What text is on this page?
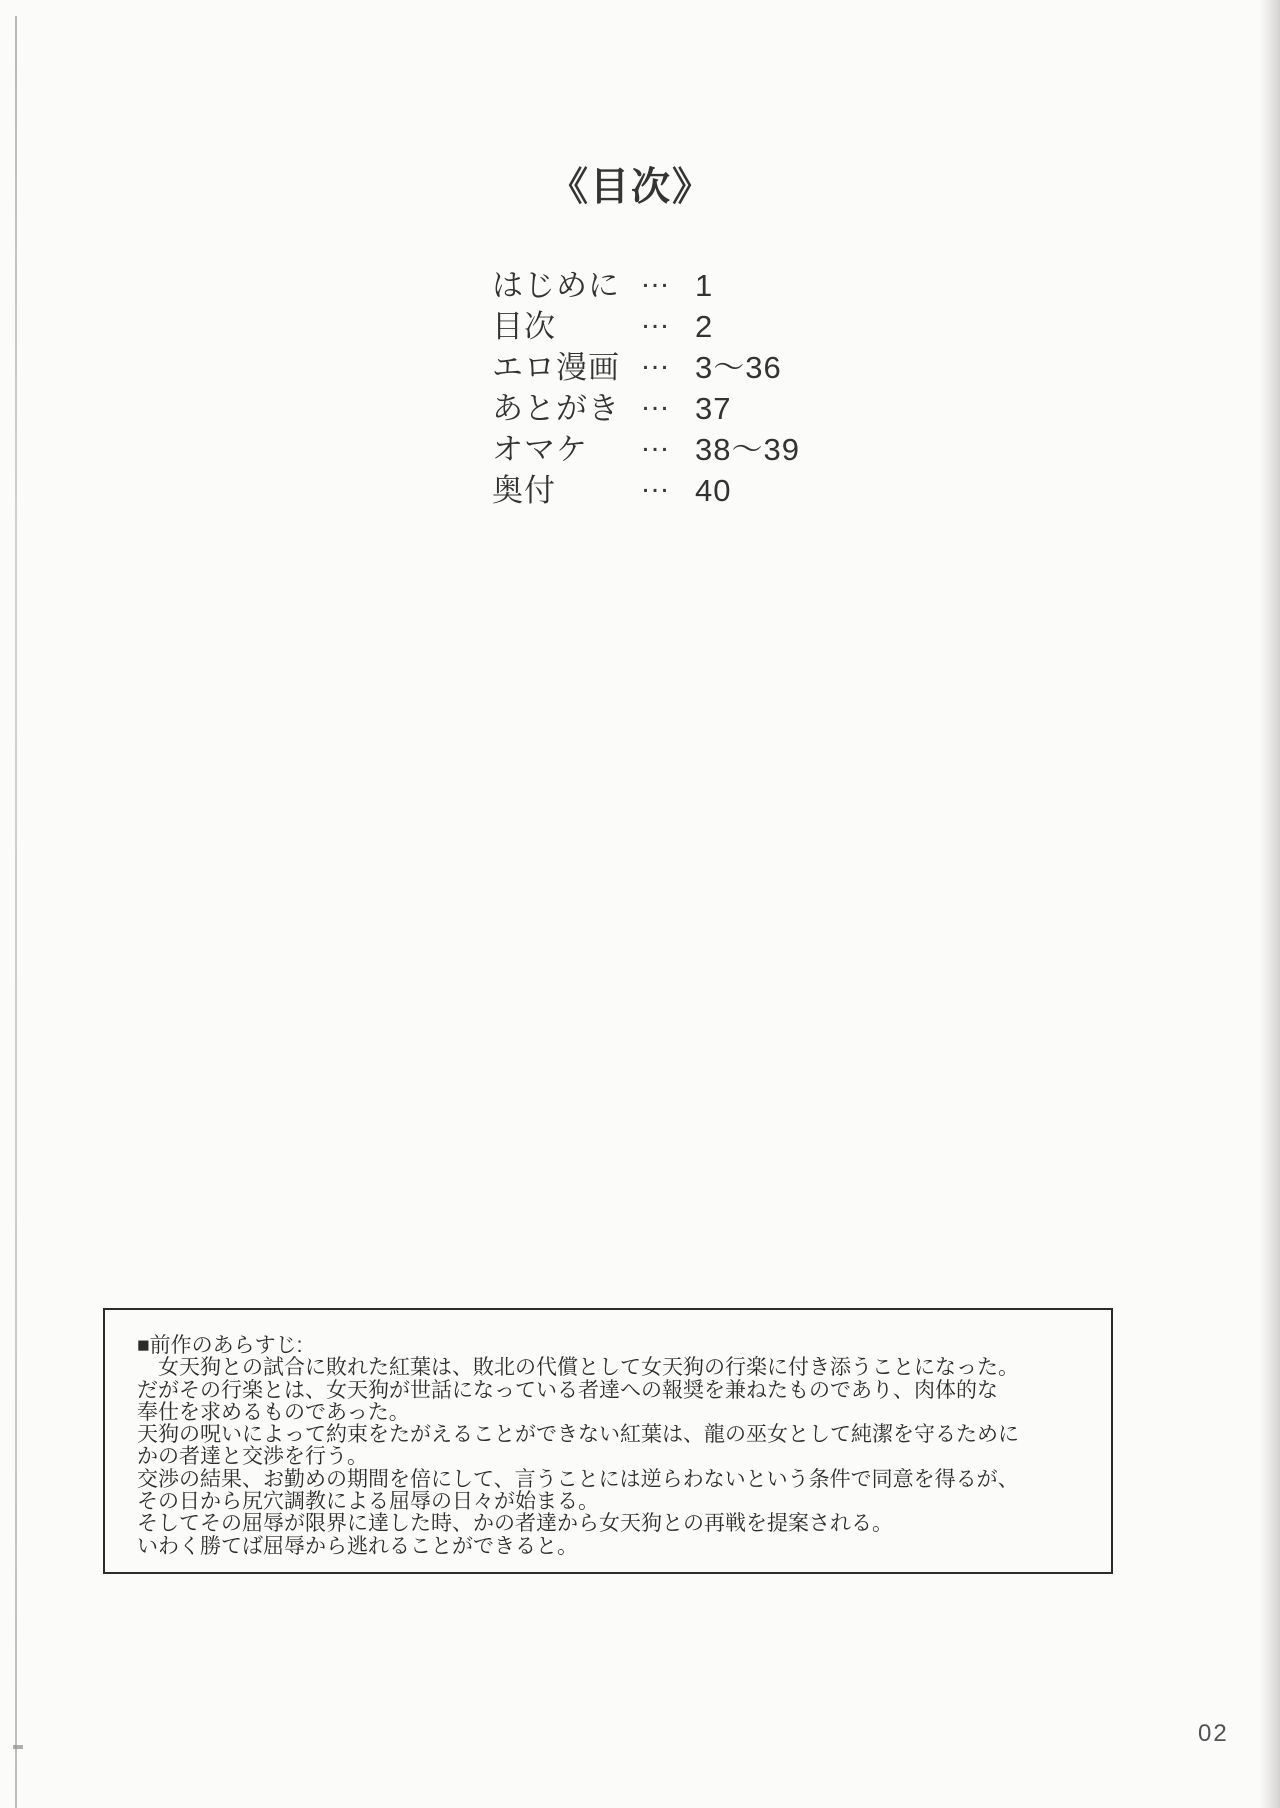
《目次》
はじめに … 1
目次	… 2
エロ漫画 … 3～36
あとがき … 37
オマケ	… 38～39
奥付	… 40
■前作のあらすじ:
　女天狗との試合に敗れた紅葉は、敗北の代償として女天狗の行楽に付き添うことになった。
だがその行楽とは、女天狗が世話になっている者達への報奨を兼ねたものであり、肉体的な
奉仕を求めるものであった。
天狗の呪いによって約束をたがえることができない紅葉は、龍の巫女として純潔を守るために
かの者達と交渉を行う。
交渉の結果、お勤めの期間を倍にして、言うことには逆らわないという条件で同意を得るが、
その日から尻穴調教による屈辱の日々が始まる。
そしてその屈辱が限界に達した時、かの者達から女天狗との再戦を提案される。
いわく勝てば屈辱から逃れることができると。
02
